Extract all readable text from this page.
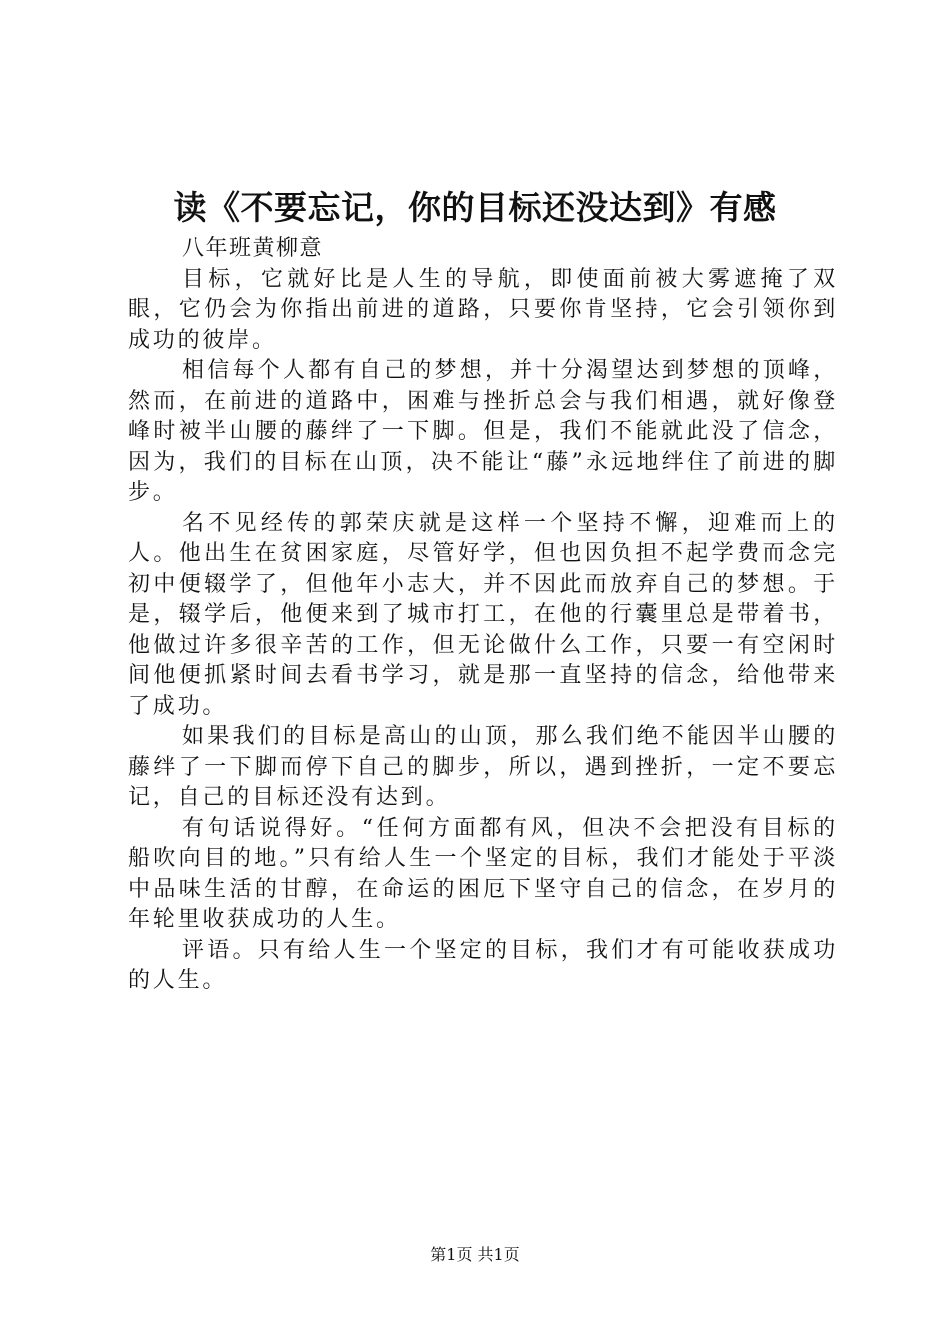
读《不要忘记，你的目标还没达到》有感

八年班黄柳意

目标，它就好比是人生的导航，即使面前被大雾遮掩了双眼，它仍会为你指出前进的道路，只要你肯坚持，它会引领你到成功的彼岸。

相信每个人都有自己的梦想，并十分渴望达到梦想的顶峰，然而，在前进的道路中，困难与挫折总会与我们相遇，就好像登峰时被半山腰的藤绊了一下脚。但是，我们不能就此没了信念，因为，我们的目标在山顶，决不能让“藤”永远地绊住了前进的脚步。

名不见经传的郭荣庆就是这样一个坚持不懈，迎难而上的人。他出生在贫困家庭，尽管好学，但也因负担不起学费而念完初中便辍学了，但他年小志大，并不因此而放弃自己的梦想。于是，辍学后，他便来到了城市打工，在他的行囊里总是带着书，他做过许多很辛苦的工作，但无论做什么工作，只要一有空闲时间他便抓紧时间去看书学习，就是那一直坚持的信念，给他带来了成功。

如果我们的目标是高山的山顶，那么我们绝不能因半山腰的藤绊了一下脚而停下自己的脚步，所以，遇到挫折，一定不要忘记，自己的目标还没有达到。

有句话说得好。“任何方面都有风，但决不会把没有目标的船吹向目的地。”只有给人生一个坚定的目标，我们才能处于平淡中品味生活的甘醇，在命运的困厄下坚守自己的信念，在岁月的年轮里收获成功的人生。

评语。只有给人生一个坚定的目标，我们才有可能收获成功的人生。

第1页 共1页
